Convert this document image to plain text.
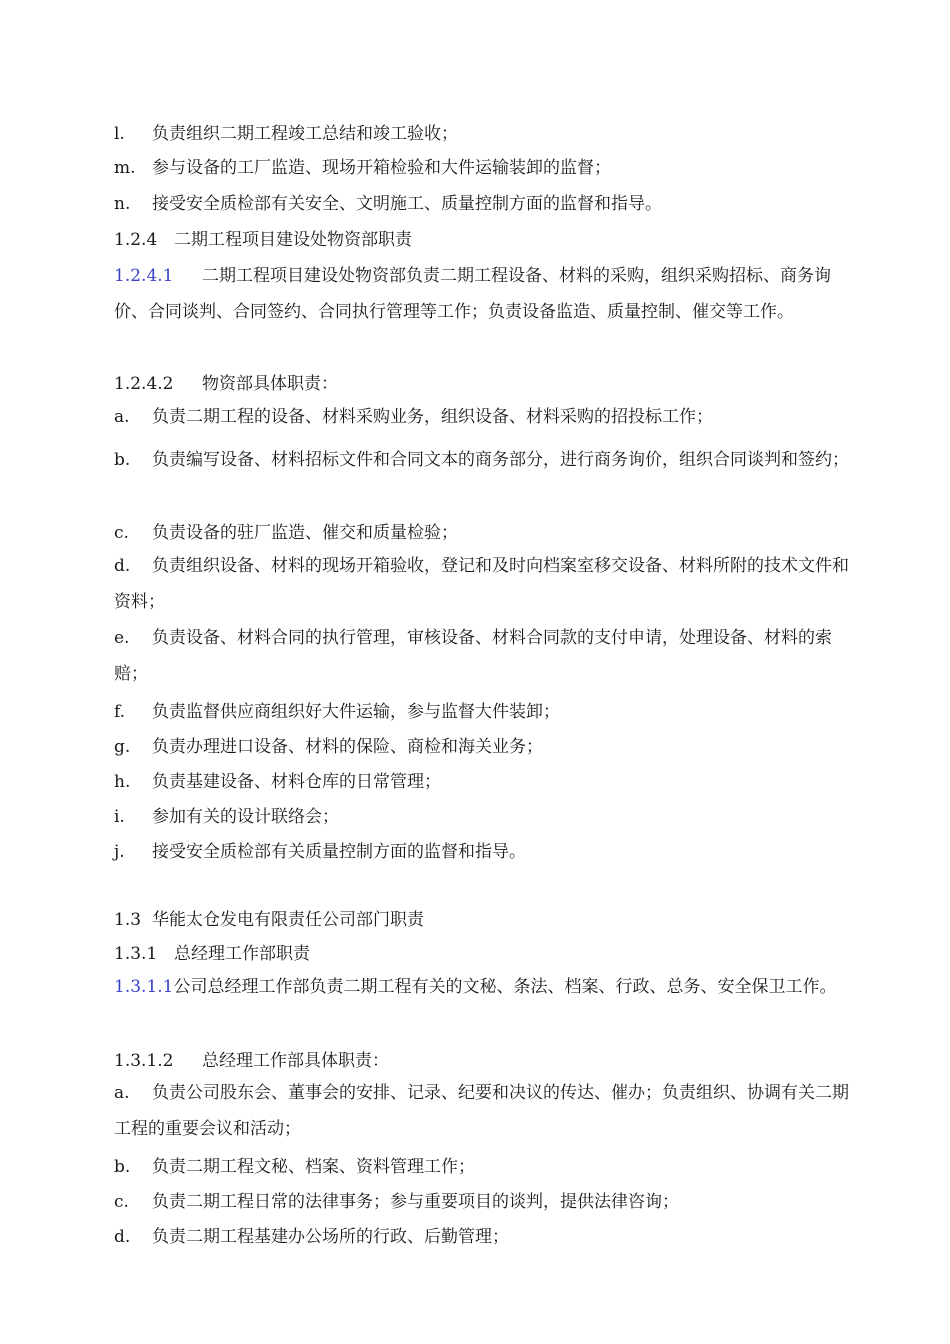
l. 负责组织二期工程竣工总结和竣工验收；
m. 参与设备的工厂监造、现场开箱检验和大件运输装卸的监督；
n. 接受安全质检部有关安全、文明施工、质量控制方面的监督和指导。
1.2.4 二期工程项目建设处物资部职责
1.2.4.1 二期工程项目建设处物资部负责二期工程设备、材料的采购，组织采购招标、商务询价、合同谈判、合同签约、合同执行管理等工作；负责设备监造、质量控制、催交等工作。
1.2.4.2 物资部具体职责：
a. 负责二期工程的设备、材料采购业务，组织设备、材料采购的招投标工作；
b. 负责编写设备、材料招标文件和合同文本的商务部分，进行商务询价，组织合同谈判和签约；
c. 负责设备的驻厂监造、催交和质量检验；
d. 负责组织设备、材料的现场开箱验收，登记和及时向档案室移交设备、材料所附的技术文件和资料；
e. 负责设备、材料合同的执行管理，审核设备、材料合同款的支付申请，处理设备、材料的索赔；
f. 负责监督供应商组织好大件运输，参与监督大件装卸；
g. 负责办理进口设备、材料的保险、商检和海关业务；
h. 负责基建设备、材料仓库的日常管理；
i. 参加有关的设计联络会；
j. 接受安全质检部有关质量控制方面的监督和指导。
1.3 华能太仓发电有限责任公司部门职责
1.3.1 总经理工作部职责
1.3.1.1公司总经理工作部负责二期工程有关的文秘、条法、档案、行政、总务、安全保卫工作。
1.3.1.2 总经理工作部具体职责：
a. 负责公司股东会、董事会的安排、记录、纪要和决议的传达、催办；负责组织、协调有关二期工程的重要会议和活动；
b. 负责二期工程文秘、档案、资料管理工作；
c. 负责二期工程日常的法律事务；参与重要项目的谈判，提供法律咨询；
d. 负责二期工程基建办公场所的行政、后勤管理；
